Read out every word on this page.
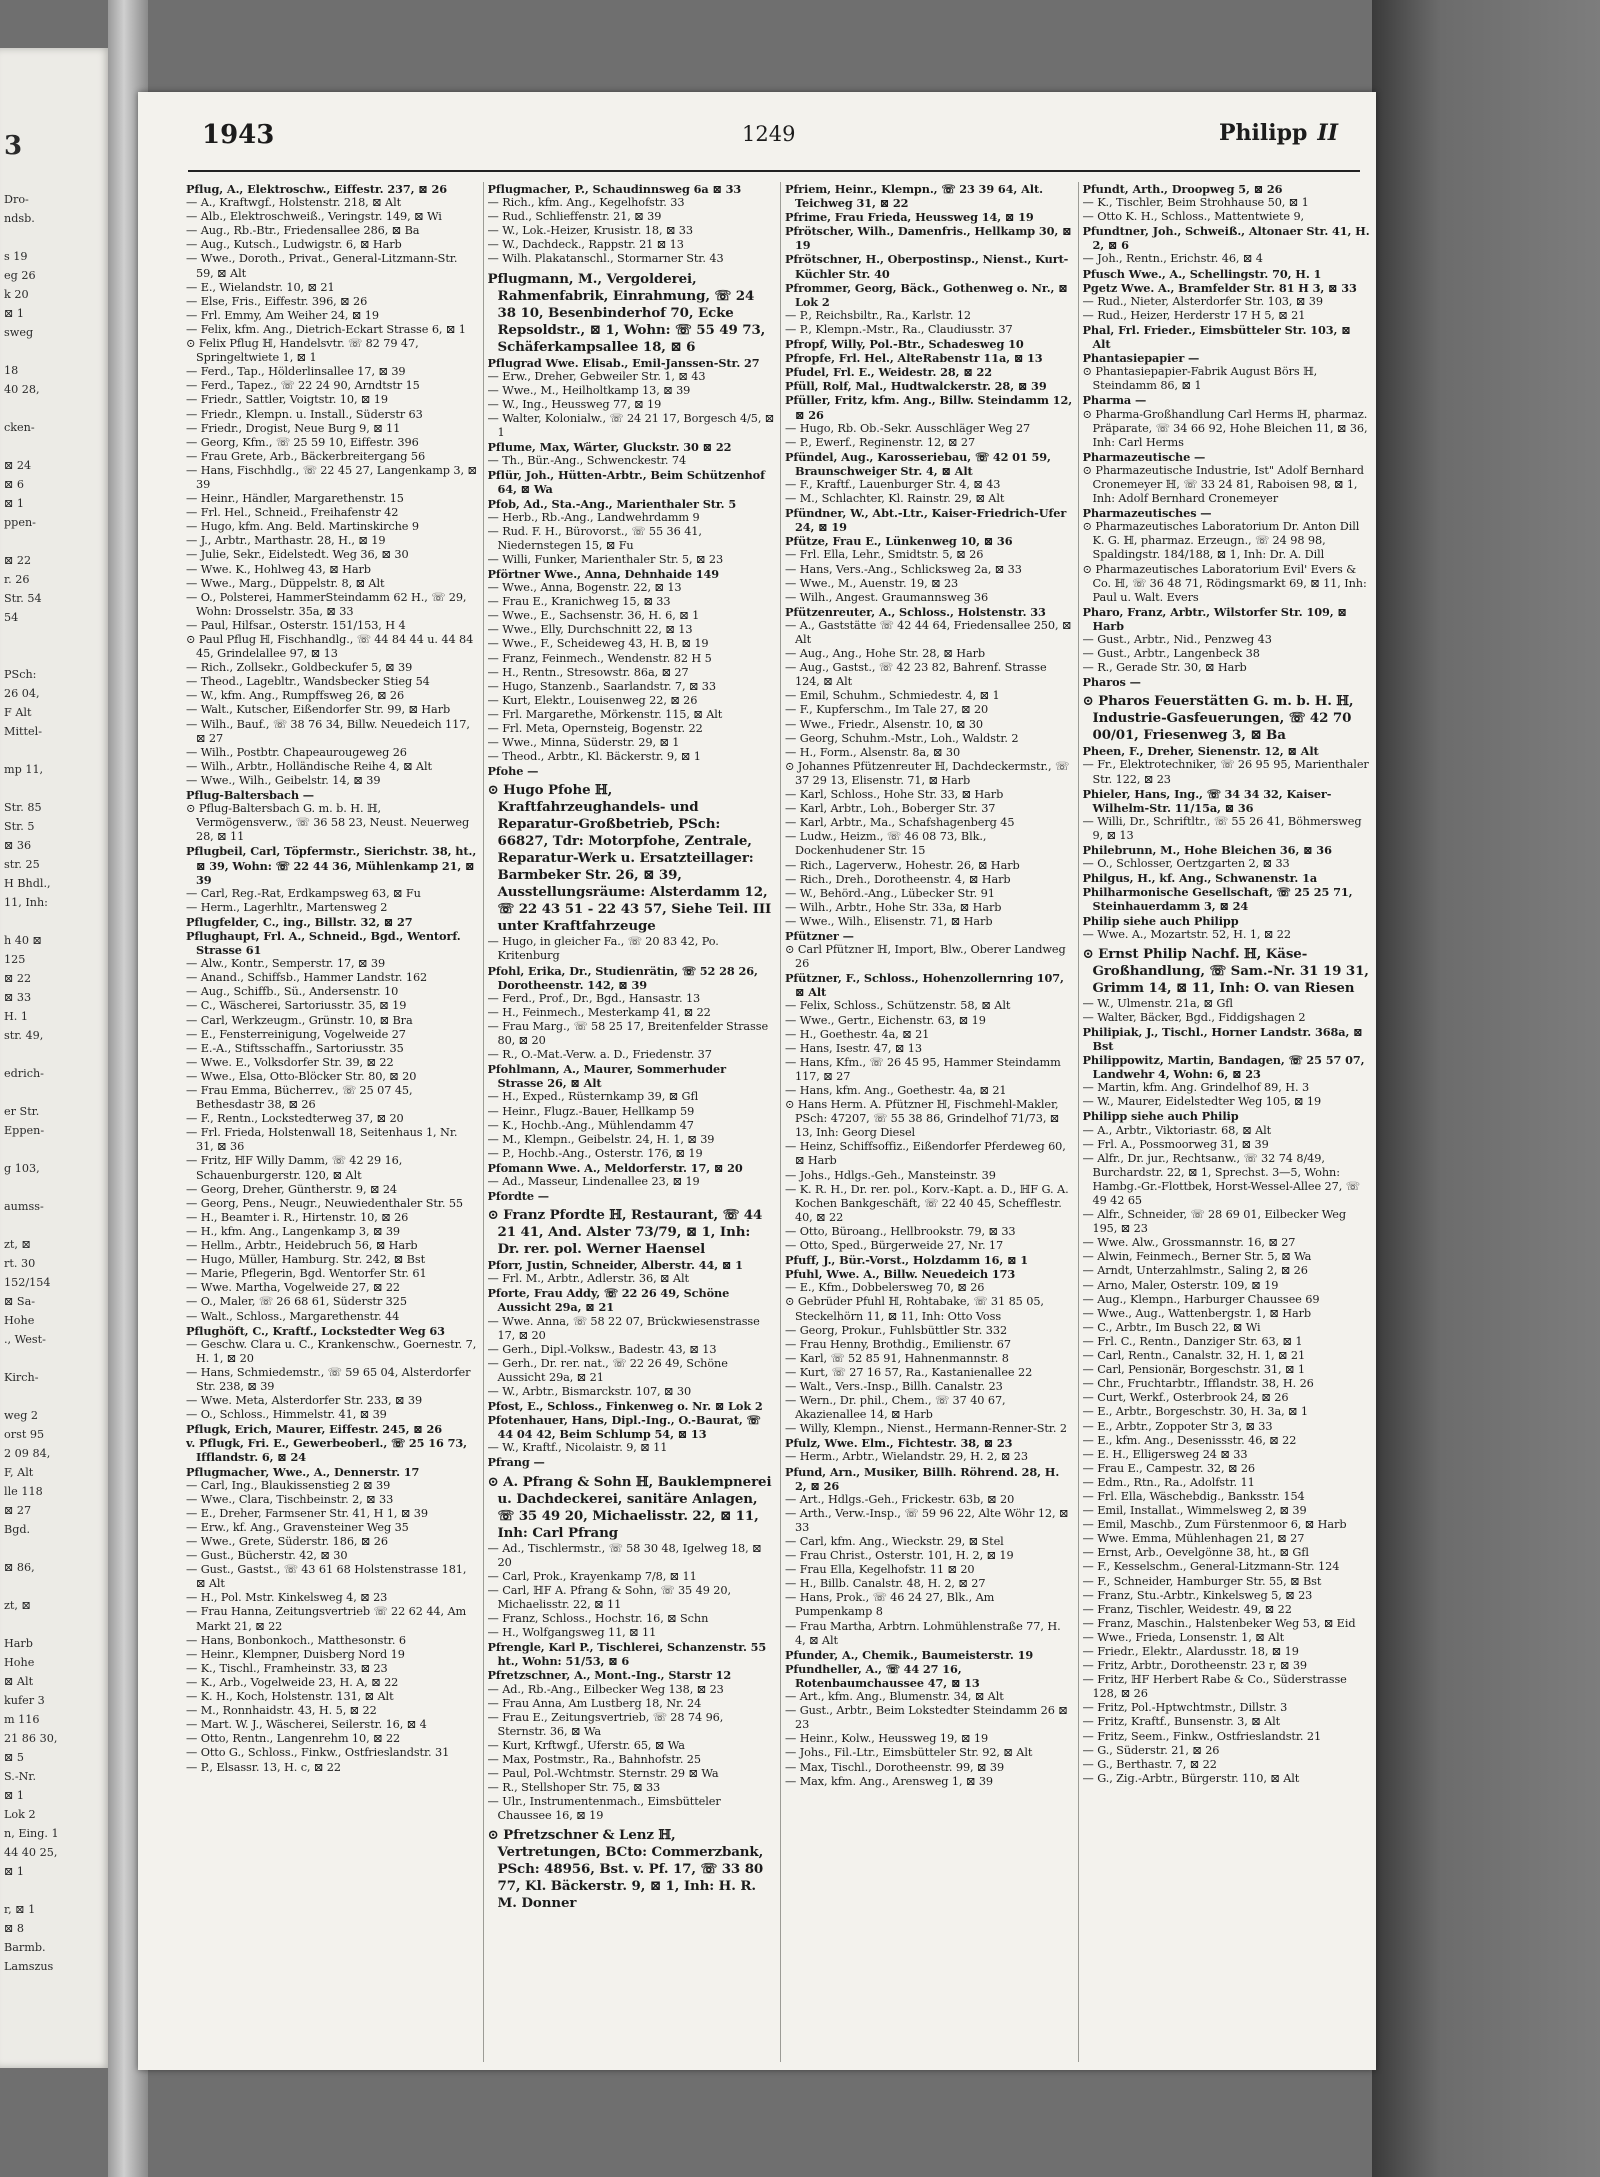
3
Dro-
ndsb.

s 19
eg 26
k 20
⊠ 1
sweg

18
40 28,

cken-

⊠ 24
⊠ 6
⊠ 1
ppen-

⊠ 22
r. 26
Str. 54
54

PSch:
26 04,
F Alt
Mittel-

mp 11,

Str. 85
Str. 5
⊠ 36
str. 25
H Bhdl.,
11, Inh:

h 40 ⊠
125
⊠ 22
⊠ 33
H. 1
str. 49,

edrich-

er Str.
Eppen-

g 103,

aumss-

zt, ⊠
rt. 30
152/154
⊠ Sa-
Hohe
., West-

Kirch-

weg 2
orst 95
2 09 84,
F, Alt
lle 118
⊠ 27
Bgd.

⊠ 86,

zt, ⊠

Harb
Hohe
⊠ Alt
kufer 3
m 116
21 86 30,
⊠ 5
S.-Nr.
⊠ 1
Lok 2
n, Eing. 1
44 40 25,
⊠ 1

r, ⊠ 1
⊠ 8
Barmb.
Lamszus
1943	1249	Philipp II

Pflug, A., Elektroschw., Eiffestr. 237, ⊠ 26

— A., Kraftwgf., Holstenstr. 218, ⊠ Alt

— Alb., Elektroschweiß., Veringstr. 149, ⊠ Wi

— Aug., Rb.-Btr., Friedensallee 286, ⊠ Ba

— Aug., Kutsch., Ludwigstr. 6, ⊠ Harb

— Wwe., Doroth., Privat., General-Litzmann-Str. 59, ⊠ Alt

— E., Wielandstr. 10, ⊠ 21

— Else, Fris., Eiffestr. 396, ⊠ 26

— Frl. Emmy, Am Weiher 24, ⊠ 19

— Felix, kfm. Ang., Dietrich-Eckart Strasse 6, ⊠ 1

⊙ Felix Pflug ℍ, Handelsvtr. ☏ 82 79 47, Springeltwiete 1, ⊠ 1

— Ferd., Tap., Hölderlinsallee 17, ⊠ 39

— Ferd., Tapez., ☏ 22 24 90, Arndtstr 15

— Friedr., Sattler, Voigtstr. 10, ⊠ 19

— Friedr., Klempn. u. Install., Süderstr 63

— Friedr., Drogist, Neue Burg 9, ⊠ 11

— Georg, Kfm., ☏ 25 59 10, Eiffestr. 396

— Frau Grete, Arb., Bäckerbreitergang 56

— Hans, Fischhdlg., ☏ 22 45 27, Langenkamp 3, ⊠ 39

— Heinr., Händler, Margarethenstr. 15

— Frl. Hel., Schneid., Freihafenstr 42

— Hugo, kfm. Ang. Beld. Martinskirche 9

— J., Arbtr., Marthastr. 28, H., ⊠ 19

— Julie, Sekr., Eidelstedt. Weg 36, ⊠ 30

— Wwe. K., Hohlweg 43, ⊠ Harb

— Wwe., Marg., Düppelstr. 8, ⊠ Alt

— O., Polsterei, HammerSteindamm 62 H., ☏ 29, Wohn: Drosselstr. 35a, ⊠ 33

— Paul, Hilfsar., Osterstr. 151/153, H 4

⊙ Paul Pflug ℍ, Fischhandlg., ☏ 44 84 44 u. 44 84 45, Grindelallee 97, ⊠ 13

— Rich., Zollsekr., Goldbeckufer 5, ⊠ 39

— Theod., Lagebltr., Wandsbecker Stieg 54

— W., kfm. Ang., Rumpffsweg 26, ⊠ 26

— Walt., Kutscher, Eißendorfer Str. 99, ⊠ Harb

— Wilh., Bauf., ☏ 38 76 34, Billw. Neuedeich 117, ⊠ 27

— Wilh., Postbtr. Chapeaurougeweg 26

— Wilh., Arbtr., Holländische Reihe 4, ⊠ Alt

— Wwe., Wilh., Geibelstr. 14, ⊠ 39

Pflug-Baltersbach —

⊙ Pflug-Baltersbach G. m. b. H. ℍ, Vermögensverw., ☏ 36 58 23, Neust. Neuerweg 28, ⊠ 11

Pflugbeil, Carl, Töpfermstr., Sierichstr. 38, ht., ⊠ 39, Wohn: ☏ 22 44 36, Mühlenkamp 21, ⊠ 39

— Carl, Reg.-Rat, Erdkampsweg 63, ⊠ Fu

— Herm., Lagerhltr., Martensweg 2

Pflugfelder, C., ing., Billstr. 32, ⊠ 27

Pflughaupt, Frl. A., Schneid., Bgd., Wentorf. Strasse 61

— Alw., Kontr., Semperstr. 17, ⊠ 39

— Anand., Schiffsb., Hammer Landstr. 162

— Aug., Schiffb., Sü., Andersenstr. 10

— C., Wäscherei, Sartoriusstr. 35, ⊠ 19

— Carl, Werkzeugm., Grünstr. 10, ⊠ Bra

— E., Fensterreinigung, Vogelweide 27

— E.-A., Stiftsschaffn., Sartoriusstr. 35

— Wwe. E., Volksdorfer Str. 39, ⊠ 22

— Wwe., Elsa, Otto-Blöcker Str. 80, ⊠ 20

— Frau Emma, Bücherrev., ☏ 25 07 45, Bethesdastr 38, ⊠ 26

— F., Rentn., Lockstedterweg 37, ⊠ 20

— Frl. Frieda, Holstenwall 18, Seitenhaus 1, Nr. 31, ⊠ 36

— Fritz, ℍF Willy Damm, ☏ 42 29 16, Schauenburgerstr. 120, ⊠ Alt

— Georg, Dreher, Güntherstr. 9, ⊠ 24

— Georg, Pens., Neugr., Neuwiedenthaler Str. 55

— H., Beamter i. R., Hirtenstr. 10, ⊠ 26

— H., kfm. Ang., Langenkamp 3, ⊠ 39

— Hellm., Arbtr., Heidebruch 56, ⊠ Harb

— Hugo, Müller, Hamburg. Str. 242, ⊠ Bst

— Marie, Pflegerin, Bgd. Wentorfer Str. 61

— Wwe. Martha, Vogelweide 27, ⊠ 22

— O., Maler, ☏ 26 68 61, Süderstr 325

— Walt., Schloss., Margarethenstr. 44

Pflughöft, C., Kraftf., Lockstedter Weg 63

— Geschw. Clara u. C., Krankenschw., Goernestr. 7, H. 1, ⊠ 20

— Hans, Schmiedemstr., ☏ 59 65 04, Alsterdorfer Str. 238, ⊠ 39

— Wwe. Meta, Alsterdorfer Str. 233, ⊠ 39

— O., Schloss., Himmelstr. 41, ⊠ 39

Pflugk, Erich, Maurer, Eiffestr. 245, ⊠ 26

v. Pflugk, Fri. E., Gewerbeoberl., ☏ 25 16 73, Ifflandstr. 6, ⊠ 24

Pflugmacher, Wwe., A., Dennerstr. 17

— Carl, Ing., Blaukissenstieg 2 ⊠ 39

— Wwe., Clara, Tischbeinstr. 2, ⊠ 33

— E., Dreher, Farmsener Str. 41, H 1, ⊠ 39

— Erw., kf. Ang., Gravensteiner Weg 35

— Wwe., Grete, Süderstr. 186, ⊠ 26

— Gust., Bücherstr. 42, ⊠ 30

— Gust., Gastst., ☏ 43 61 68 Holstenstrasse 181, ⊠ Alt

— H., Pol. Mstr. Kinkelsweg 4, ⊠ 23

— Frau Hanna, Zeitungsvertrieb ☏ 22 62 44, Am Markt 21, ⊠ 22

— Hans, Bonbonkoch., Matthesonstr. 6

— Heinr., Klempner, Duisberg Nord 19

— K., Tischl., Framheinstr. 33, ⊠ 23

— K., Arb., Vogelweide 23, H. A, ⊠ 22

— K. H., Koch, Holstenstr. 131, ⊠ Alt

— M., Ronnhaidstr. 43, H. 5, ⊠ 22

— Mart. W. J., Wäscherei, Seilerstr. 16, ⊠ 4

— Otto, Rentn., Langenrehm 10, ⊠ 22

— Otto G., Schloss., Finkw., Ostfrieslandstr. 31

— P., Elsassr. 13, H. c, ⊠ 22

Pflugmacher, P., Schaudinnsweg 6a ⊠ 33

— Rich., kfm. Ang., Kegelhofstr. 33

— Rud., Schlieffenstr. 21, ⊠ 39

— W., Lok.-Heizer, Krusistr. 18, ⊠ 33

— W., Dachdeck., Rappstr. 21 ⊠ 13

— Wilh. Plakatanschl., Stormarner Str. 43

Pflugmann, M., Vergolderei, Rahmenfabrik, Einrahmung, ☏ 24 38 10, Besenbinderhof 70, Ecke Repsoldstr., ⊠ 1, Wohn: ☏ 55 49 73, Schäferkampsallee 18, ⊠ 6

Pflugrad Wwe. Elisab., Emil-Janssen-Str. 27

— Erw., Dreher, Gebweiler Str. 1, ⊠ 43

— Wwe., M., Heilholtkamp 13, ⊠ 39

— W., Ing., Heussweg 77, ⊠ 19

— Walter, Kolonialw., ☏ 24 21 17, Borgesch 4/5, ⊠ 1

Pflume, Max, Wärter, Gluckstr. 30 ⊠ 22

— Th., Bür.-Ang., Schwenckestr. 74

Pflür, Joh., Hütten-Arbtr., Beim Schützenhof 64, ⊠ Wa

Pfob, Ad., Sta.-Ang., Marienthaler Str. 5

— Herb., Rb.-Ang., Landwehrdamm 9

— Rud. F. H., Bürovorst., ☏ 55 36 41, Niedernstegen 15, ⊠ Fu

— Willi, Funker, Marienthaler Str. 5, ⊠ 23

Pförtner Wwe., Anna, Dehnhaide 149

— Wwe., Anna, Bogenstr. 22, ⊠ 13

— Frau E., Kranichweg 15, ⊠ 33

— Wwe., E., Sachsenstr. 36, H. 6, ⊠ 1

— Wwe., Elly, Durchschnitt 22, ⊠ 13

— Wwe., F., Scheideweg 43, H. B, ⊠ 19

— Franz, Feinmech., Wendenstr. 82 H 5

— H., Rentn., Stresowstr. 86a, ⊠ 27

— Hugo, Stanzenb., Saarlandstr. 7, ⊠ 33

— Kurt, Elektr., Louisenweg 22, ⊠ 26

— Frl. Margarethe, Mörkenstr. 115, ⊠ Alt

— Frl. Meta, Opernsteig, Bogenstr. 22

— Wwe., Minna, Süderstr. 29, ⊠ 1

— Theod., Arbtr., Kl. Bäckerstr. 9, ⊠ 1

Pfohe —

⊙ Hugo Pfohe ℍ, Kraftfahrzeughandels- und Reparatur-Großbetrieb, PSch: 66827, Tdr: Motorpfohe, Zentrale, Reparatur-Werk u. Ersatzteillager: Barmbeker Str. 26, ⊠ 39, Ausstellungsräume: Alsterdamm 12, ☏ 22 43 51 - 22 43 57, Siehe Teil. III unter Kraftfahrzeuge

— Hugo, in gleicher Fa., ☏ 20 83 42, Po. Kritenburg

Pfohl, Erika, Dr., Studienrätin, ☏ 52 28 26, Dorotheenstr. 142, ⊠ 39

— Ferd., Prof., Dr., Bgd., Hansastr. 13

— H., Feinmech., Mesterkamp 41, ⊠ 22

— Frau Marg., ☏ 58 25 17, Breitenfelder Strasse 80, ⊠ 20

— R., O.-Mat.-Verw. a. D., Friedenstr. 37

Pfohlmann, A., Maurer, Sommerhuder Strasse 26, ⊠ Alt

— H., Exped., Rüsternkamp 39, ⊠ Gfl

— Heinr., Flugz.-Bauer, Hellkamp 59

— K., Hochb.-Ang., Mühlendamm 47

— M., Klempn., Geibelstr. 24, H. 1, ⊠ 39

— P., Hochb.-Ang., Osterstr. 176, ⊠ 19

Pfomann Wwe. A., Meldorferstr. 17, ⊠ 20

— Ad., Masseur, Lindenallee 23, ⊠ 19

Pfordte —

⊙ Franz Pfordte ℍ, Restaurant, ☏ 44 21 41, And. Alster 73/79, ⊠ 1, Inh: Dr. rer. pol. Werner Haensel

Pforr, Justin, Schneider, Alberstr. 44, ⊠ 1

— Frl. M., Arbtr., Adlerstr. 36, ⊠ Alt

Pforte, Frau Addy, ☏ 22 26 49, Schöne Aussicht 29a, ⊠ 21

— Wwe. Anna, ☏ 58 22 07, Brückwiesenstrasse 17, ⊠ 20

— Gerh., Dipl.-Volksw., Badestr. 43, ⊠ 13

— Gerh., Dr. rer. nat., ☏ 22 26 49, Schöne Aussicht 29a, ⊠ 21

— W., Arbtr., Bismarckstr. 107, ⊠ 30

Pfost, E., Schloss., Finkenweg o. Nr. ⊠ Lok 2

Pfotenhauer, Hans, Dipl.-Ing., O.-Baurat, ☏ 44 04 42, Beim Schlump 54, ⊠ 13

— W., Kraftf., Nicolaistr. 9, ⊠ 11

Pfrang —

⊙ A. Pfrang & Sohn ℍ, Bauklempnerei u. Dachdeckerei, sanitäre Anlagen, ☏ 35 49 20, Michaelisstr. 22, ⊠ 11, Inh: Carl Pfrang

— Ad., Tischlermstr., ☏ 58 30 48, Igelweg 18, ⊠ 20

— Carl, Prok., Krayenkamp 7/8, ⊠ 11

— Carl, ℍF A. Pfrang & Sohn, ☏ 35 49 20, Michaelisstr. 22, ⊠ 11

— Franz, Schloss., Hochstr. 16, ⊠ Schn

— H., Wolfgangsweg 11, ⊠ 11

Pfrengle, Karl P., Tischlerei, Schanzenstr. 55 ht., Wohn: 51/53, ⊠ 6

Pfretzschner, A., Mont.-Ing., Starstr 12

— Ad., Rb.-Ang., Eilbecker Weg 138, ⊠ 23

— Frau Anna, Am Lustberg 18, Nr. 24

— Frau E., Zeitungsvertrieb, ☏ 28 74 96, Sternstr. 36, ⊠ Wa

— Kurt, Krftwgf., Uferstr. 65, ⊠ Wa

— Max, Postmstr., Ra., Bahnhofstr. 25

— Paul, Pol.-Wchtmstr. Sternstr. 29 ⊠ Wa

— R., Stellshoper Str. 75, ⊠ 33

— Ulr., Instrumentenmach., Eimsbütteler Chaussee 16, ⊠ 19

⊙ Pfretzschner & Lenz ℍ, Vertretungen, BCto: Commerzbank, PSch: 48956, Bst. v. Pf. 17, ☏ 33 80 77, Kl. Bäckerstr. 9, ⊠ 1, Inh: H. R. M. Donner

Pfriem, Heinr., Klempn., ☏ 23 39 64, Alt. Teichweg 31, ⊠ 22

Pfrime, Frau Frieda, Heussweg 14, ⊠ 19

Pfrötscher, Wilh., Damenfris., Hellkamp 30, ⊠ 19

Pfrötschner, H., Oberpostinsp., Nienst., Kurt-Küchler Str. 40

Pfrommer, Georg, Bäck., Gothenweg o. Nr., ⊠ Lok 2

— P., Reichsbiltr., Ra., Karlstr. 12

— P., Klempn.-Mstr., Ra., Claudiusstr. 37

Pfropf, Willy, Pol.-Btr., Schadesweg 10

Pfropfe, Frl. Hel., AlteRabenstr 11a, ⊠ 13

Pfudel, Frl. E., Weidestr. 28, ⊠ 22

Pfüll, Rolf, Mal., Hudtwalckerstr. 28, ⊠ 39

Pfüller, Fritz, kfm. Ang., Billw. Steindamm 12, ⊠ 26

— Hugo, Rb. Ob.-Sekr. Ausschläger Weg 27

— P., Ewerf., Reginenstr. 12, ⊠ 27

Pfündel, Aug., Karosseriebau, ☏ 42 01 59, Braunschweiger Str. 4, ⊠ Alt

— F., Kraftf., Lauenburger Str. 4, ⊠ 43

— M., Schlachter, Kl. Rainstr. 29, ⊠ Alt

Pfündner, W., Abt.-Ltr., Kaiser-Friedrich-Ufer 24, ⊠ 19

Pfütze, Frau E., Lünkenweg 10, ⊠ 36

— Frl. Ella, Lehr., Smidtstr. 5, ⊠ 26

— Hans, Vers.-Ang., Schlicksweg 2a, ⊠ 33

— Wwe., M., Auenstr. 19, ⊠ 23

— Wilh., Angest. Graumannsweg 36

Pfützenreuter, A., Schloss., Holstenstr. 33

— A., Gaststätte ☏ 42 44 64, Friedensallee 250, ⊠ Alt

— Aug., Ang., Hohe Str. 28, ⊠ Harb

— Aug., Gastst., ☏ 42 23 82, Bahrenf. Strasse 124, ⊠ Alt

— Emil, Schuhm., Schmiedestr. 4, ⊠ 1

— F., Kupferschm., Im Tale 27, ⊠ 20

— Wwe., Friedr., Alsenstr. 10, ⊠ 30

— Georg, Schuhm.-Mstr., Loh., Waldstr. 2

— H., Form., Alsenstr. 8a, ⊠ 30

⊙ Johannes Pfützenreuter ℍ, Dachdeckermstr., ☏ 37 29 13, Elisenstr. 71, ⊠ Harb

— Karl, Schloss., Hohe Str. 33, ⊠ Harb

— Karl, Arbtr., Loh., Boberger Str. 37

— Karl, Arbtr., Ma., Schafshagenberg 45

— Ludw., Heizm., ☏ 46 08 73, Blk., Dockenhudener Str. 15

— Rich., Lagerverw., Hohestr. 26, ⊠ Harb

— Rich., Dreh., Dorotheenstr. 4, ⊠ Harb

— W., Behörd.-Ang., Lübecker Str. 91

— Wilh., Arbtr., Hohe Str. 33a, ⊠ Harb

— Wwe., Wilh., Elisenstr. 71, ⊠ Harb

Pfützner —

⊙ Carl Pfützner ℍ, Import, Blw., Oberer Landweg 26

Pfützner, F., Schloss., Hohenzollernring 107, ⊠ Alt

— Felix, Schloss., Schützenstr. 58, ⊠ Alt

— Wwe., Gertr., Eichenstr. 63, ⊠ 19

— H., Goethestr. 4a, ⊠ 21

— Hans, Isestr. 47, ⊠ 13

— Hans, Kfm., ☏ 26 45 95, Hammer Steindamm 117, ⊠ 27

— Hans, kfm. Ang., Goethestr. 4a, ⊠ 21

⊙ Hans Herm. A. Pfützner ℍ, Fischmehl-Makler, PSch: 47207, ☏ 55 38 86, Grindelhof 71/73, ⊠ 13, Inh: Georg Diesel

— Heinz, Schiffsoffiz., Eißendorfer Pferdeweg 60, ⊠ Harb

— Johs., Hdlgs.-Geh., Mansteinstr. 39

— K. R. H., Dr. rer. pol., Korv.-Kapt. a. D., ℍF G. A. Kochen Bankgeschäft, ☏ 22 40 45, Schefflestr. 40, ⊠ 22

— Otto, Büroang., Hellbrookstr. 79, ⊠ 33

— Otto, Sped., Bürgerweide 27, Nr. 17

Pfuff, J., Bür.-Vorst., Holzdamm 16, ⊠ 1

Pfuhl, Wwe. A., Billw. Neuedeich 173

— E., Kfm., Dobbelersweg 70, ⊠ 26

⊙ Gebrüder Pfuhl ℍ, Rohtabake, ☏ 31 85 05, Steckelhörn 11, ⊠ 11, Inh: Otto Voss

— Georg, Prokur., Fuhlsbüttler Str. 332

— Frau Henny, Brothdig., Emilienstr. 67

— Karl, ☏ 52 85 91, Hahnenmannstr. 8

— Kurt, ☏ 27 16 57, Ra., Kastanienallee 22

— Walt., Vers.-Insp., Billh. Canalstr. 23

— Wern., Dr. phil., Chem., ☏ 37 40 67, Akazienallee 14, ⊠ Harb

— Willy, Klempn., Nienst., Hermann-Renner-Str. 2

Pfulz, Wwe. Elm., Fichtestr. 38, ⊠ 23

— Herm., Arbtr., Wielandstr. 29, H. 2, ⊠ 23

Pfund, Arn., Musiker, Billh. Röhrend. 28, H. 2, ⊠ 26

— Art., Hdlgs.-Geh., Frickestr. 63b, ⊠ 20

— Arth., Verw.-Insp., ☏ 59 96 22, Alte Wöhr 12, ⊠ 33

— Carl, kfm. Ang., Wieckstr. 29, ⊠ Stel

— Frau Christ., Osterstr. 101, H. 2, ⊠ 19

— Frau Ella, Kegelhofstr. 11 ⊠ 20

— H., Billb. Canalstr. 48, H. 2, ⊠ 27

— Hans, Prok., ☏ 46 24 27, Blk., Am Pumpenkamp 8

— Frau Martha, Arbtrn. Lohmühlenstraße 77, H. 4, ⊠ Alt

Pfunder, A., Chemik., Baumeisterstr. 19

Pfundheller, A., ☏ 44 27 16, Rotenbaumchaussee 47, ⊠ 13

— Art., kfm. Ang., Blumenstr. 34, ⊠ Alt

— Gust., Arbtr., Beim Lokstedter Steindamm 26 ⊠ 23

— Heinr., Kolw., Heussweg 19, ⊠ 19

— Johs., Fil.-Ltr., Eimsbütteler Str. 92, ⊠ Alt

— Max, Tischl., Dorotheenstr. 99, ⊠ 39

— Max, kfm. Ang., Arensweg 1, ⊠ 39

Pfundt, Arth., Droopweg 5, ⊠ 26

— K., Tischler, Beim Strohhause 50, ⊠ 1

— Otto K. H., Schloss., Mattentwiete 9,

Pfundtner, Joh., Schweiß., Altonaer Str. 41, H. 2, ⊠ 6

— Joh., Rentn., Erichstr. 46, ⊠ 4

Pfusch Wwe., A., Schellingstr. 70, H. 1

Pgetz Wwe. A., Bramfelder Str. 81 H 3, ⊠ 33

— Rud., Nieter, Alsterdorfer Str. 103, ⊠ 39

— Rud., Heizer, Herderstr 17 H 5, ⊠ 21

Phal, Frl. Frieder., Eimsbütteler Str. 103, ⊠ Alt

Phantasiepapier —

⊙ Phantasiepapier-Fabrik August Börs ℍ, Steindamm 86, ⊠ 1

Pharma —

⊙ Pharma-Großhandlung Carl Herms ℍ, pharmaz. Präparate, ☏ 34 66 92, Hohe Bleichen 11, ⊠ 36, Inh: Carl Herms

Pharmazeutische —

⊙ Pharmazeutische Industrie, Ist" Adolf Bernhard Cronemeyer ℍ, ☏ 33 24 81, Raboisen 98, ⊠ 1, Inh: Adolf Bernhard Cronemeyer

Pharmazeutisches —

⊙ Pharmazeutisches Laboratorium Dr. Anton Dill K. G. ℍ, pharmaz. Erzeugn., ☏ 24 98 98, Spaldingstr. 184/188, ⊠ 1, Inh: Dr. A. Dill

⊙ Pharmazeutisches Laboratorium Evil' Evers & Co. ℍ, ☏ 36 48 71, Rödingsmarkt 69, ⊠ 11, Inh: Paul u. Walt. Evers

Pharo, Franz, Arbtr., Wilstorfer Str. 109, ⊠ Harb

— Gust., Arbtr., Nid., Penzweg 43

— Gust., Arbtr., Langenbeck 38

— R., Gerade Str. 30, ⊠ Harb

Pharos —

⊙ Pharos Feuerstätten G. m. b. H. ℍ, Industrie-Gasfeuerungen, ☏ 42 70 00/01, Friesenweg 3, ⊠ Ba

Pheen, F., Dreher, Sienenstr. 12, ⊠ Alt

— Fr., Elektrotechniker, ☏ 26 95 95, Marienthaler Str. 122, ⊠ 23

Phieler, Hans, Ing., ☏ 34 34 32, Kaiser-Wilhelm-Str. 11/15a, ⊠ 36

— Willi, Dr., Schriftltr., ☏ 55 26 41, Böhmersweg 9, ⊠ 13

Philebrunn, M., Hohe Bleichen 36, ⊠ 36

— O., Schlosser, Oertzgarten 2, ⊠ 33

Philgus, H., kf. Ang., Schwanenstr. 1a

Philharmonische Gesellschaft, ☏ 25 25 71, Steinhauerdamm 3, ⊠ 24

Philip siehe auch Philipp

— Wwe. A., Mozartstr. 52, H. 1, ⊠ 22

⊙ Ernst Philip Nachf. ℍ, Käse-Großhandlung, ☏ Sam.-Nr. 31 19 31, Grimm 14, ⊠ 11, Inh: O. van Riesen

— W., Ulmenstr. 21a, ⊠ Gfl

— Walter, Bäcker, Bgd., Fiddigshagen 2

Philipiak, J., Tischl., Horner Landstr. 368a, ⊠ Bst

Philippowitz, Martin, Bandagen, ☏ 25 57 07, Landwehr 4, Wohn: 6, ⊠ 23

— Martin, kfm. Ang. Grindelhof 89, H. 3

— W., Maurer, Eidelstedter Weg 105, ⊠ 19

Philipp siehe auch Philip

— A., Arbtr., Viktoriastr. 68, ⊠ Alt

— Frl. A., Possmoorweg 31, ⊠ 39

— Alfr., Dr. jur., Rechtsanw., ☏ 32 74 8/49, Burchardstr. 22, ⊠ 1, Sprechst. 3—5, Wohn: Hambg.-Gr.-Flottbek, Horst-Wessel-Allee 27, ☏ 49 42 65

— Alfr., Schneider, ☏ 28 69 01, Eilbecker Weg 195, ⊠ 23

— Wwe. Alw., Grossmannstr. 16, ⊠ 27

— Alwin, Feinmech., Berner Str. 5, ⊠ Wa

— Arndt, Unterzahlmstr., Saling 2, ⊠ 26

— Arno, Maler, Osterstr. 109, ⊠ 19

— Aug., Klempn., Harburger Chaussee 69

— Wwe., Aug., Wattenbergstr. 1, ⊠ Harb

— C., Arbtr., Im Busch 22, ⊠ Wi

— Frl. C., Rentn., Danziger Str. 63, ⊠ 1

— Carl, Rentn., Canalstr. 32, H. 1, ⊠ 21

— Carl, Pensionär, Borgeschstr. 31, ⊠ 1

— Chr., Fruchtarbtr., Ifflandstr. 38, H. 26

— Curt, Werkf., Osterbrook 24, ⊠ 26

— E., Arbtr., Borgeschstr. 30, H. 3a, ⊠ 1

— E., Arbtr., Zoppoter Str 3, ⊠ 33

— E., kfm. Ang., Desenissstr. 46, ⊠ 22

— E. H., Elligersweg 24 ⊠ 33

— Frau E., Campestr. 32, ⊠ 26

— Edm., Rtn., Ra., Adolfstr. 11

— Frl. Ella, Wäschebdig., Banksstr. 154

— Emil, Installat., Wimmelsweg 2, ⊠ 39

— Emil, Maschb., Zum Fürstenmoor 6, ⊠ Harb

— Wwe. Emma, Mühlenhagen 21, ⊠ 27

— Ernst, Arb., Oevelgönne 38, ht., ⊠ Gfl

— F., Kesselschm., General-Litzmann-Str. 124

— F., Schneider, Hamburger Str. 55, ⊠ Bst

— Franz, Stu.-Arbtr., Kinkelsweg 5, ⊠ 23

— Franz, Tischler, Weidestr. 49, ⊠ 22

— Franz, Maschin., Halstenbeker Weg 53, ⊠ Eid

— Wwe., Frieda, Lonsenstr. 1, ⊠ Alt

— Friedr., Elektr., Alardusstr. 18, ⊠ 19

— Fritz, Arbtr., Dorotheenstr. 23 r, ⊠ 39

— Fritz, ℍF Herbert Rabe & Co., Süderstrasse 128, ⊠ 26

— Fritz, Pol.-Hptwchtmstr., Dillstr. 3

— Fritz, Kraftf., Bunsenstr. 3, ⊠ Alt

— Fritz, Seem., Finkw., Ostfrieslandstr. 21

— G., Süderstr. 21, ⊠ 26

— G., Berthastr. 7, ⊠ 22

— G., Zig.-Arbtr., Bürgerstr. 110, ⊠ Alt
